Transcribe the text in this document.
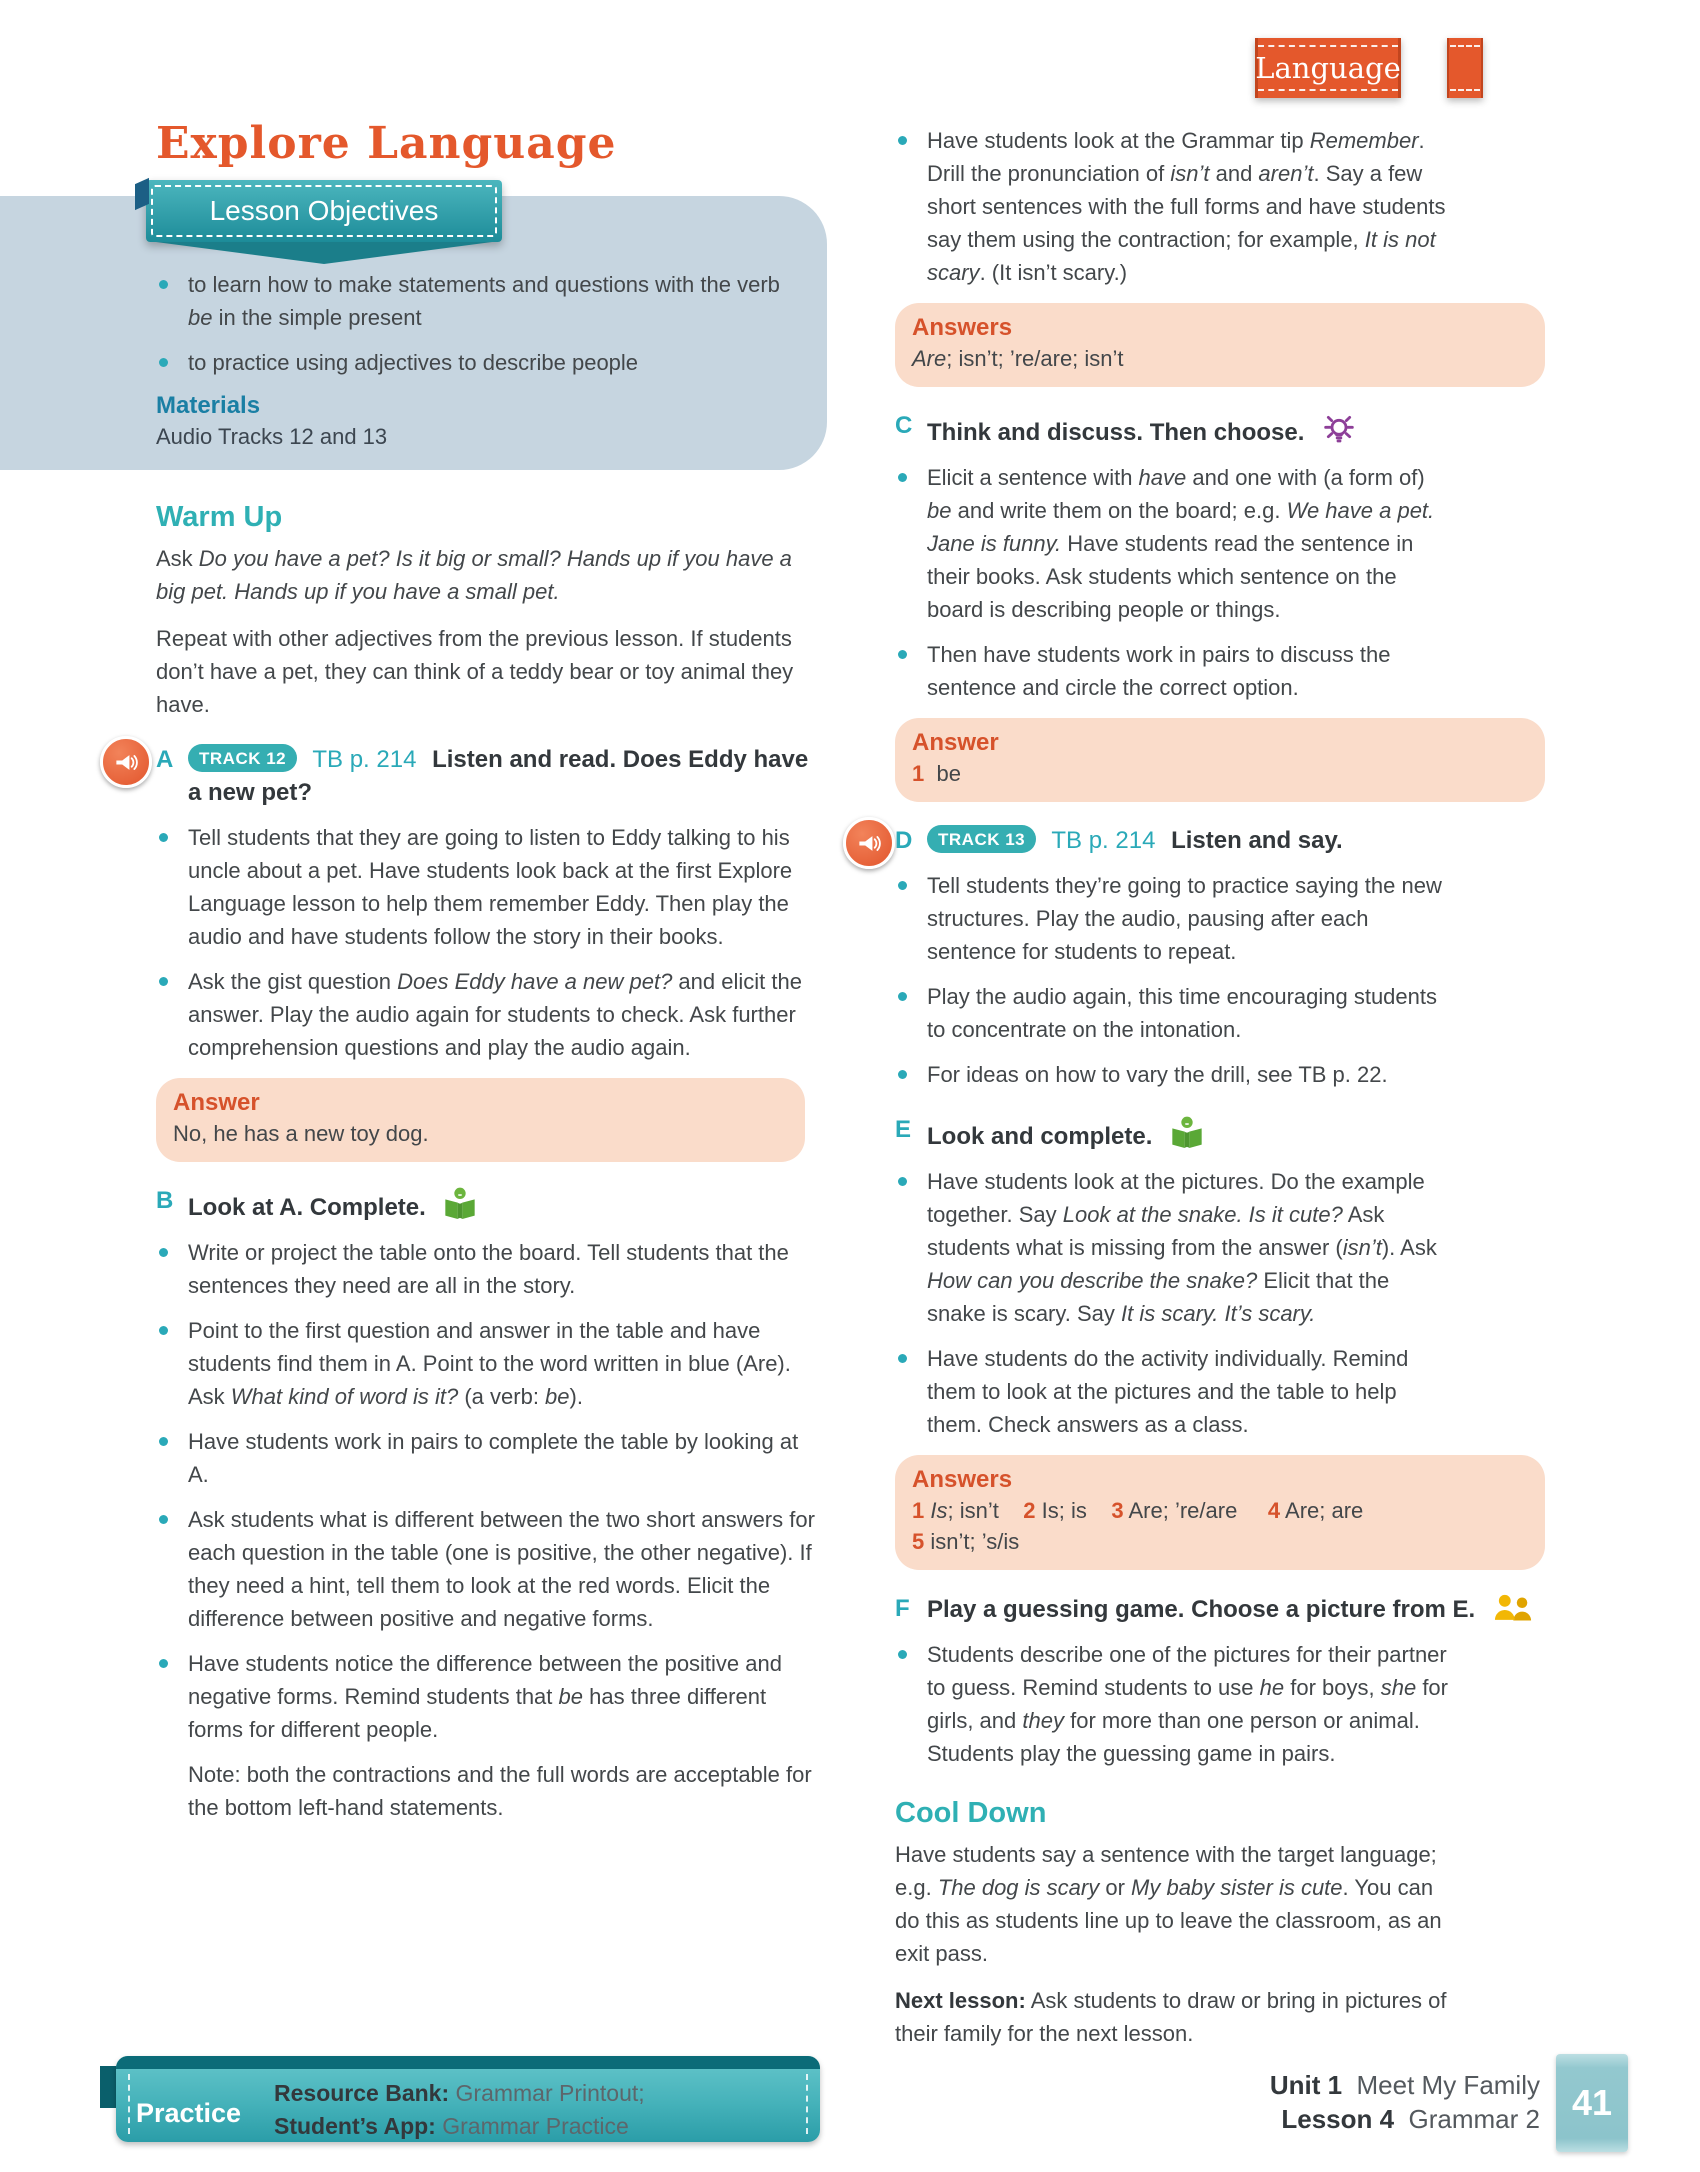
Language
Explore Language
Lesson Objectives
to learn how to make statements and questions with the verb be in the simple present
to practice using adjectives to describe people
Materials
Audio Tracks 12 and 13
Warm Up

Ask Do you have a pet? Is it big or small? Hands up if you have a big pet. Hands up if you have a small pet.

Repeat with other adjectives from the previous lesson. If students don’t have a pet, they can think of a teddy bear or toy animal they have.

A TRACK 12 TB p. 214 Listen and read. Does Eddy have a new pet?
Tell students that they are going to listen to Eddy talking to his uncle about a pet. Have students look back at the first Explore Language lesson to help them remember Eddy. Then play the audio and have students follow the story in their books.
Ask the gist question Does Eddy have a new pet? and elicit the answer. Play the audio again for students to check. Ask further comprehension questions and play the audio again.
Answer
No, he has a new toy dog.
B Look at A. Complete.
Write or project the table onto the board. Tell students that the sentences they need are all in the story.
Point to the first question and answer in the table and have students find them in A. Point to the word written in blue (Are). Ask What kind of word is it? (a verb: be).
Have students work in pairs to complete the table by looking at A.
Ask students what is different between the two short answers for each question in the table (one is positive, the other negative). If they need a hint, tell them to look at the red words. Elicit the difference between positive and negative forms.
Have students notice the difference between the positive and negative forms. Remind students that be has three different forms for different people.

Note: both the contractions and the full words are acceptable for the bottom left-hand statements.

Have students look at the Grammar tip Remember. Drill the pronunciation of isn’t and aren’t. Say a few short sentences with the full forms and have students say them using the contraction; for example, It is not scary. (It isn’t scary.)
Answers
Are; isn’t; ’re/are; isn’t
C Think and discuss. Then choose.
Elicit a sentence with have and one with (a form of) be and write them on the board; e.g. We have a pet. Jane is funny. Have students read the sentence in their books. Ask students which sentence on the board is describing people or things.
Then have students work in pairs to discuss the sentence and circle the correct option.
Answer
1  be
D TRACK 13 TB p. 214 Listen and say.
Tell students they’re going to practice saying the new structures. Play the audio, pausing after each sentence for students to repeat.
Play the audio again, this time encouraging students to concentrate on the intonation.
For ideas on how to vary the drill, see TB p. 22.
E Look and complete.
Have students look at the pictures. Do the example together. Say Look at the snake. Is it cute? Ask students what is missing from the answer (isn’t). Ask How can you describe the snake? Elicit that the snake is scary. Say It is scary. It’s scary.
Have students do the activity individually. Remind them to look at the pictures and the table to help them. Check answers as a class.
Answers
1 Is; isn’t    2 Is; is    3 Are; ’re/are     4 Are; are
5 isn’t; ’s/is
F Play a guessing game. Choose a picture from E.
Students describe one of the pictures for their partner to guess. Remind students to use he for boys, she for girls, and they for more than one person or animal. Students play the guessing game in pairs.
Cool Down

Have students say a sentence with the target language; e.g. The dog is scary or My baby sister is cute. You can do this as students line up to leave the classroom, as an exit pass.

Next lesson: Ask students to draw or bring in pictures of their family for the next lesson.

Practice
Resource Bank: Grammar Printout;
Student’s App: Grammar Practice
Unit 1  Meet My Family
Lesson 4  Grammar 2 41
